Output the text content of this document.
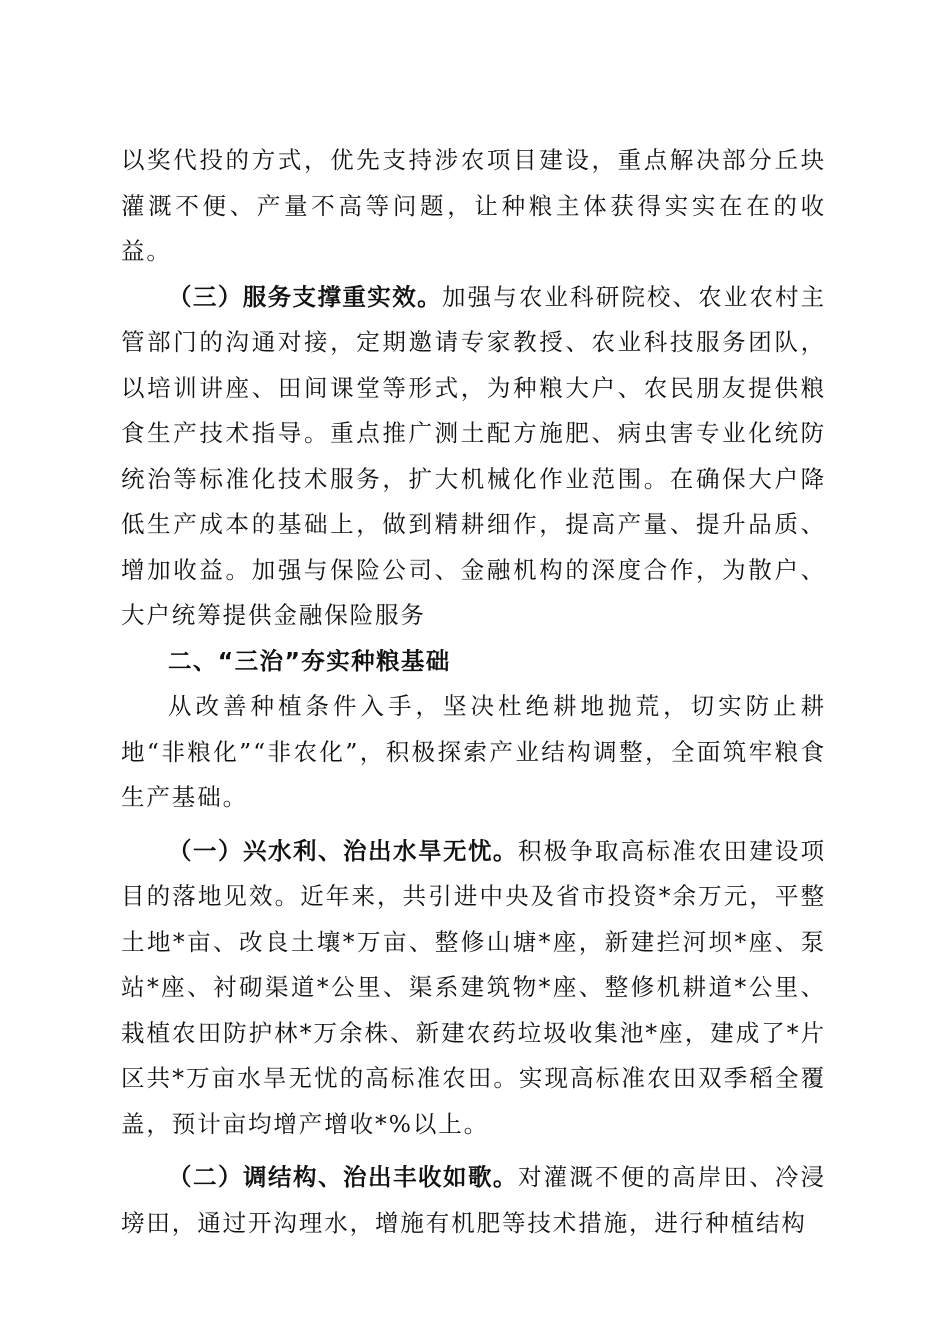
以奖代投的方式，优先支持涉农项目建设，重点解决部分丘块灌溉不便、产量不高等问题，让种粮主体获得实实在在的收益。

（三）服务支撑重实效。加强与农业科研院校、农业农村主管部门的沟通对接，定期邀请专家教授、农业科技服务团队，以培训讲座、田间课堂等形式，为种粮大户、农民朋友提供粮食生产技术指导。重点推广测土配方施肥、病虫害专业化统防统治等标准化技术服务，扩大机械化作业范围。在确保大户降低生产成本的基础上，做到精耕细作，提高产量、提升品质、增加收益。加强与保险公司、金融机构的深度合作，为散户、大户统筹提供金融保险服务

二、“三治”夯实种粮基础

从改善种植条件入手，坚决杜绝耕地抛荒，切实防止耕地“非粮化”“非农化”，积极探索产业结构调整，全面筑牢粮食生产基础。

（一）兴水利、治出水旱无忧。积极争取高标准农田建设项目的落地见效。近年来，共引进中央及省市投资*余万元，平整土地*亩、改良土壤*万亩、整修山塘*座，新建拦河坝*座、泵站*座、衬砌渠道*公里、渠系建筑物*座、整修机耕道*公里、栽植农田防护林*万余株、新建农药垃圾收集池*座，建成了*片区共*万亩水旱无忧的高标准农田。实现高标准农田双季稻全覆盖，预计亩均增产增收*%以上。

（二）调结构、治出丰收如歌。对灌溉不便的高岸田、冷浸塝田，通过开沟理水，增施有机肥等技术措施，进行种植结构
